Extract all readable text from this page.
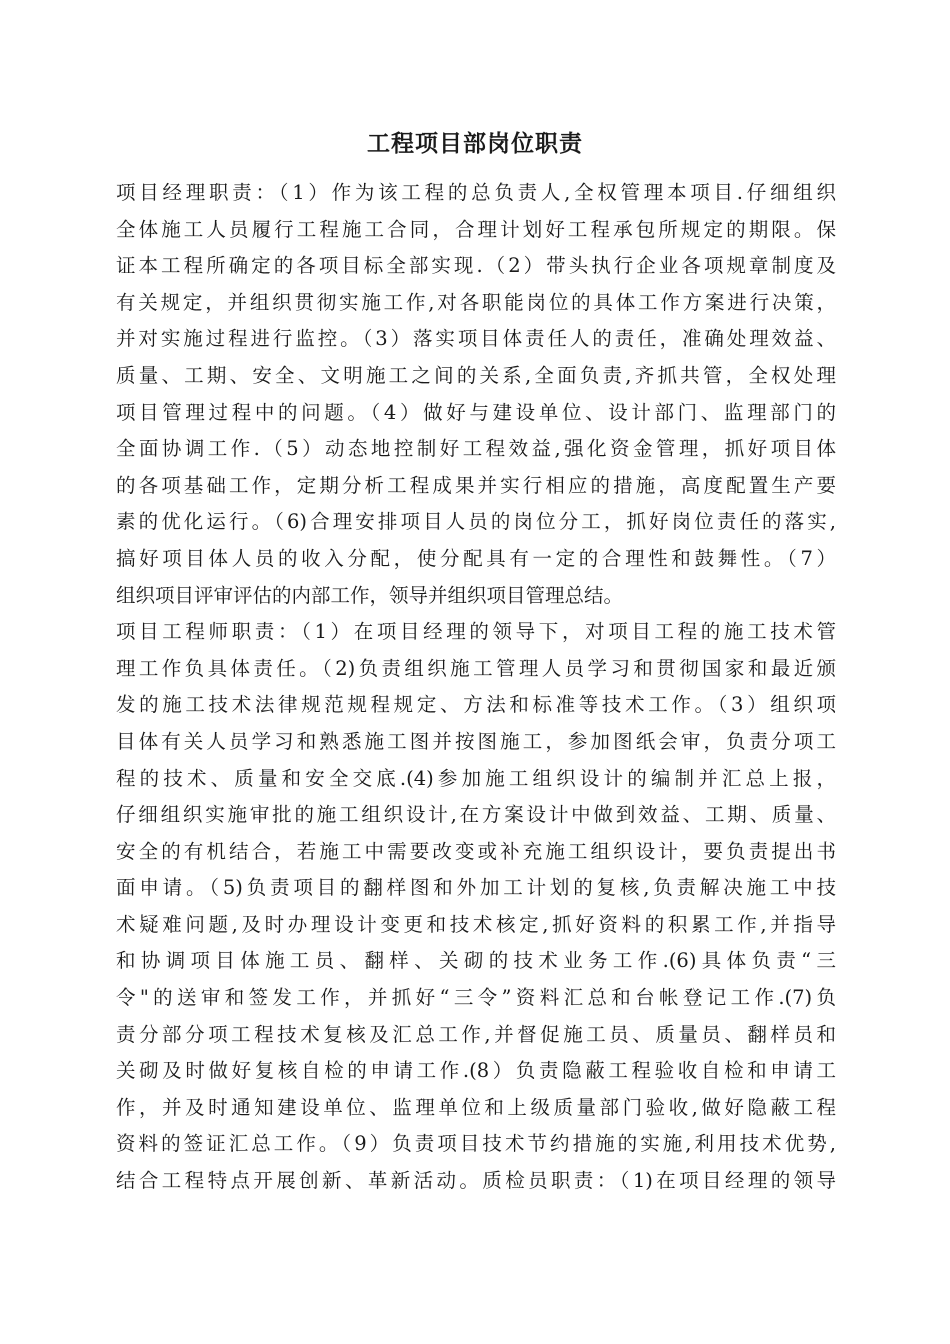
工程项目部岗位职责
项目经理职责：（1）作为该工程的总负责人,全权管理本项目.仔细组织
全体施工人员履行工程施工合同，合理计划好工程承包所规定的期限。保
证本工程所确定的各项目标全部实现.（2）带头执行企业各项规章制度及
有关规定，并组织贯彻实施工作,对各职能岗位的具体工作方案进行决策，
并对实施过程进行监控。（3）落实项目体责任人的责任，准确处理效益、
质量、工期、安全、文明施工之间的关系,全面负责,齐抓共管，全权处理
项目管理过程中的问题。（4）做好与建设单位、设计部门、监理部门的
全面协调工作.（5）动态地控制好工程效益,强化资金管理，抓好项目体
的各项基础工作，定期分析工程成果并实行相应的措施，高度配置生产要
素的优化运行。（6)合理安排项目人员的岗位分工，抓好岗位责任的落实,
搞好项目体人员的收入分配，使分配具有一定的合理性和鼓舞性。（7）
组织项目评审评估的内部工作，领导并组织项目管理总结。
项目工程师职责：（1）在项目经理的领导下，对项目工程的施工技术管
理工作负具体责任。（2)负责组织施工管理人员学习和贯彻国家和最近颁
发的施工技术法律规范规程规定、方法和标准等技术工作。（3）组织项
目体有关人员学习和熟悉施工图并按图施工，参加图纸会审，负责分项工
程的技术、质量和安全交底.(4)参加施工组织设计的编制并汇总上报，
仔细组织实施审批的施工组织设计,在方案设计中做到效益、工期、质量、
安全的有机结合，若施工中需要改变或补充施工组织设计，要负责提出书
面申请。（5)负责项目的翻样图和外加工计划的复核,负责解决施工中技
术疑难问题,及时办理设计变更和技术核定,抓好资料的积累工作,并指导
和协调项目体施工员、翻样、关砌的技术业务工作.(6)具体负责“三
令"的送审和签发工作，并抓好“三令”资料汇总和台帐登记工作.(7)负
责分部分项工程技术复核及汇总工作,并督促施工员、质量员、翻样员和
关砌及时做好复核自检的申请工作.(8）负责隐蔽工程验收自检和申请工
作，并及时通知建设单位、监理单位和上级质量部门验收,做好隐蔽工程
资料的签证汇总工作。（9）负责项目技术节约措施的实施,利用技术优势,
结合工程特点开展创新、革新活动。质检员职责：（1)在项目经理的领导
